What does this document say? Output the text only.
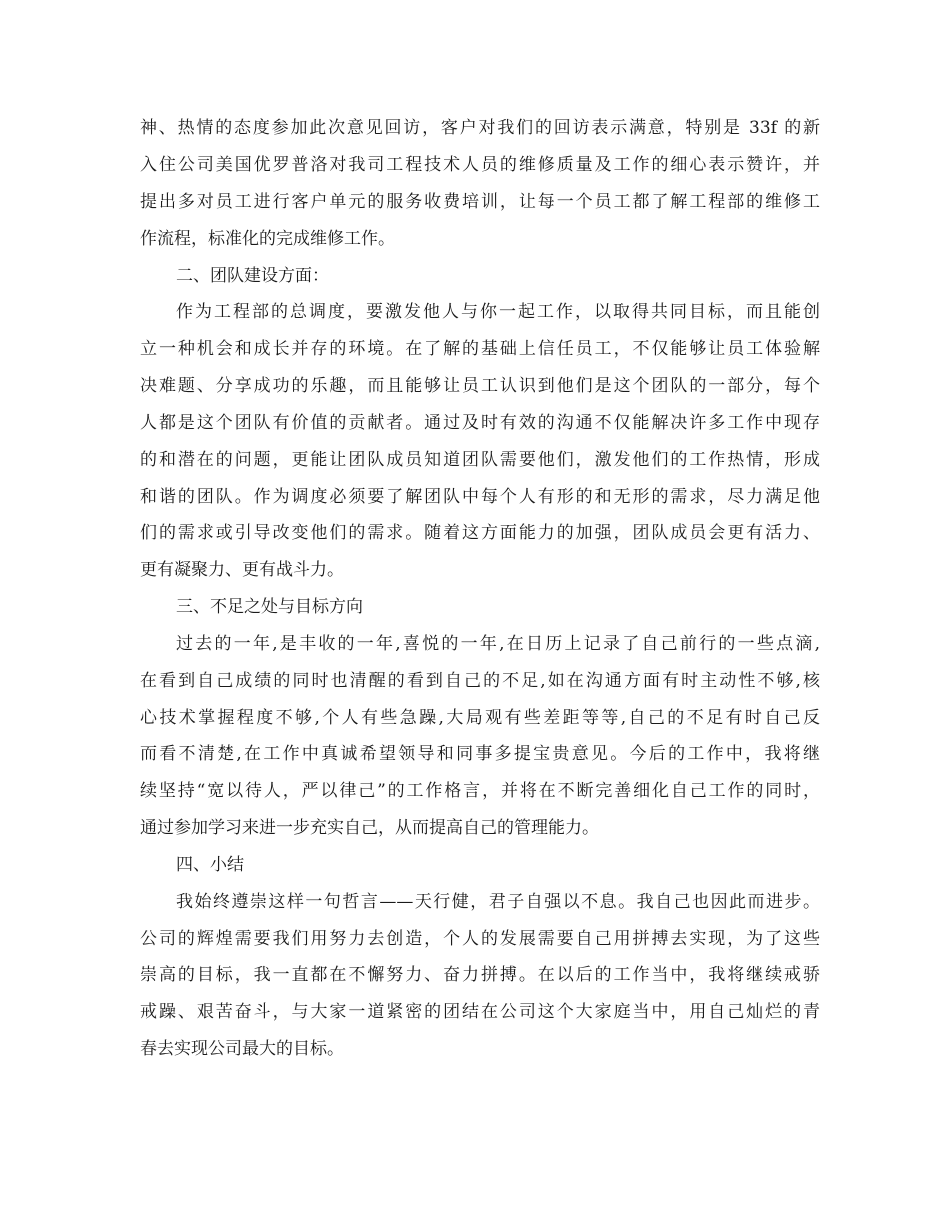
神、热情的态度参加此次意见回访，客户对我们的回访表示满意，特别是 33f 的新
入住公司美国优罗普洛对我司工程技术人员的维修质量及工作的细心表示赞许，并
提出多对员工进行客户单元的服务收费培训，让每一个员工都了解工程部的维修工
作流程，标准化的完成维修工作。
二、团队建设方面：
作为工程部的总调度，要激发他人与你一起工作，以取得共同目标，而且能创
立一种机会和成长并存的环境。在了解的基础上信任员工，不仅能够让员工体验解
决难题、分享成功的乐趣，而且能够让员工认识到他们是这个团队的一部分，每个
人都是这个团队有价值的贡献者。通过及时有效的沟通不仅能解决许多工作中现存
的和潜在的问题，更能让团队成员知道团队需要他们，激发他们的工作热情，形成
和谐的团队。作为调度必须要了解团队中每个人有形的和无形的需求，尽力满足他
们的需求或引导改变他们的需求。随着这方面能力的加强，团队成员会更有活力、
更有凝聚力、更有战斗力。
三、不足之处与目标方向
过去的一年,是丰收的一年,喜悦的一年,在日历上记录了自己前行的一些点滴,
在看到自己成绩的同时也清醒的看到自己的不足,如在沟通方面有时主动性不够,核
心技术掌握程度不够,个人有些急躁,大局观有些差距等等,自己的不足有时自己反
而看不清楚,在工作中真诚希望领导和同事多提宝贵意见。今后的工作中，我将继
续坚持“宽以待人，严以律己”的工作格言，并将在不断完善细化自己工作的同时，
通过参加学习来进一步充实自己，从而提高自己的管理能力。
四、小结
我始终遵崇这样一句哲言——天行健，君子自强以不息。我自己也因此而进步。
公司的辉煌需要我们用努力去创造，个人的发展需要自己用拼搏去实现，为了这些
崇高的目标，我一直都在不懈努力、奋力拼搏。在以后的工作当中，我将继续戒骄
戒躁、艰苦奋斗，与大家一道紧密的团结在公司这个大家庭当中，用自己灿烂的青
春去实现公司最大的目标。
